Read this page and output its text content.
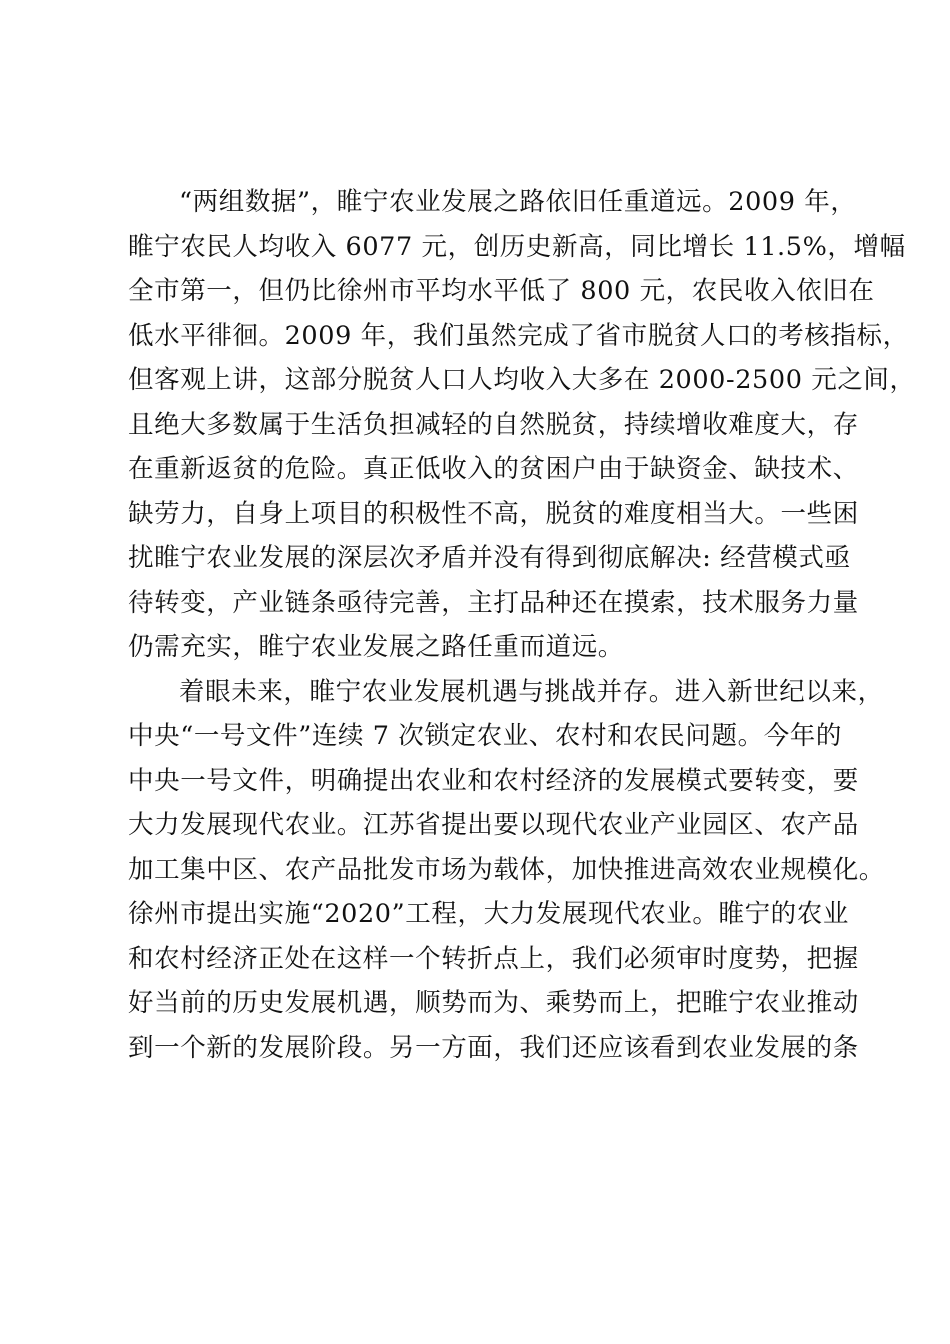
“两组数据”，睢宁农业发展之路依旧任重道远。2009 年，
睢宁农民人均收入 6077 元，创历史新高，同比增长 11.5%，增幅
全市第一，但仍比徐州市平均水平低了 800 元，农民收入依旧在
低水平徘徊。2009 年，我们虽然完成了省市脱贫人口的考核指标，
但客观上讲，这部分脱贫人口人均收入大多在 2000-2500 元之间，
且绝大多数属于生活负担减轻的自然脱贫，持续增收难度大，存
在重新返贫的危险。真正低收入的贫困户由于缺资金、缺技术、
缺劳力，自身上项目的积极性不高，脱贫的难度相当大。一些困
扰睢宁农业发展的深层次矛盾并没有得到彻底解决: 经营模式亟
待转变，产业链条亟待完善，主打品种还在摸索，技术服务力量
仍需充实，睢宁农业发展之路任重而道远。
着眼未来，睢宁农业发展机遇与挑战并存。进入新世纪以来，
中央“一号文件”连续 7 次锁定农业、农村和农民问题。今年的
中央一号文件，明确提出农业和农村经济的发展模式要转变，要
大力发展现代农业。江苏省提出要以现代农业产业园区、农产品
加工集中区、农产品批发市场为载体，加快推进高效农业规模化。
徐州市提出实施“2020”工程，大力发展现代农业。睢宁的农业
和农村经济正处在这样一个转折点上，我们必须审时度势，把握
好当前的历史发展机遇，顺势而为、乘势而上，把睢宁农业推动
到一个新的发展阶段。另一方面，我们还应该看到农业发展的条
